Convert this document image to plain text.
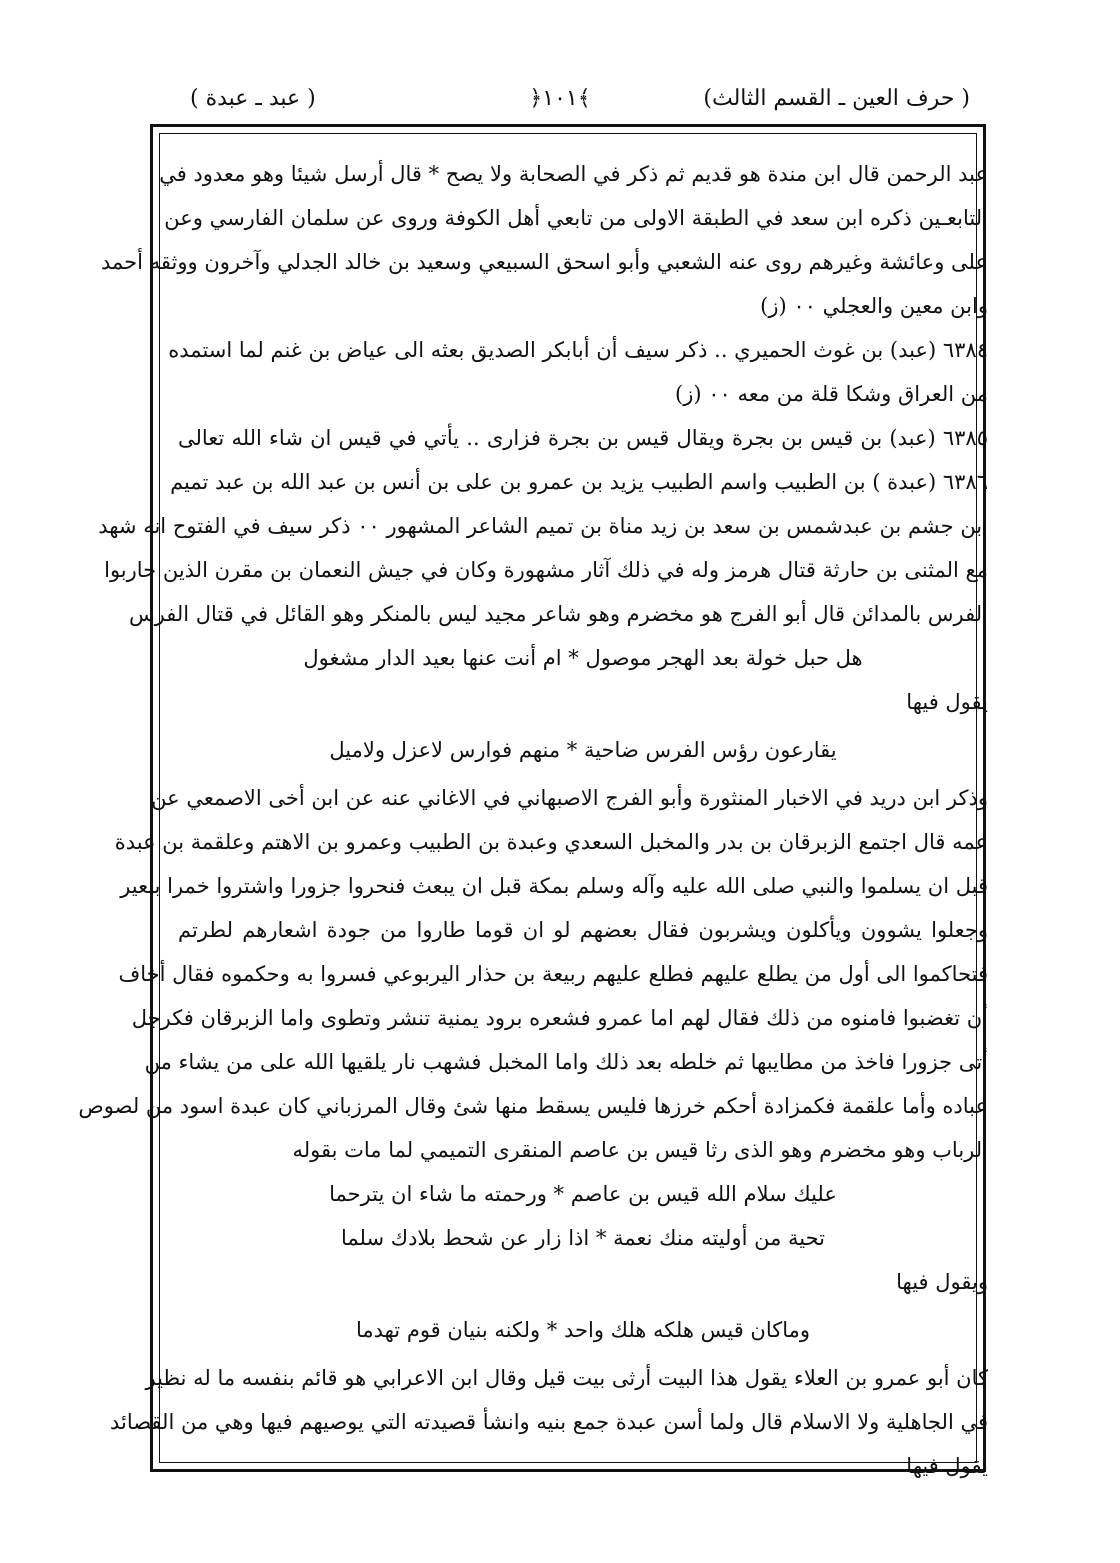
(حرف العين ـ القسم الثالث )
﴿١٠١﴾
( عبد ـ عبدة )
عبد الرحمن قال ابن مندة هو قديم ثم ذكر في الصحابة ولا يصح * قال أرسل شيئا وهو معدود في
التابعـين ذكره ابن سعد في الطبقة الاولى من تابعي أهل الكوفة وروى عن سلمان الفارسي وعن
على وعائشة وغيرهم روى عنه الشعبي وأبو اسحق السبيعي وسعيد بن خالد الجدلي وآخرون ووثقه أحمد
وابن معين والعجلي ٠٠ (ز)
٦٣٨٤ (عبد) بن غوث الحميري .. ذكر سيف أن أبابكر الصديق بعثه الى عياض بن غنم لما استمده
من العراق وشكا قلة من معه ٠٠ (ز)
٦٣٨٥ (عبد) بن قيس بن بجرة ويقال قيس بن بجرة فزارى .. يأتي في قيس ان شاء الله تعالى
٦٣٨٦ (عبدة ) بن الطبيب واسم الطبيب يزيد بن عمرو بن على بن أنس بن عبد الله بن عبد تميم
ابن جشم بن عبدشمس بن سعد بن زيد مناة بن تميم الشاعر المشهور ٠٠ ذكر سيف في الفتوح انه شهد
مع المثنى بن حارثة قتال هرمز وله في ذلك آثار مشهورة وكان في جيش النعمان بن مقرن الذين حاربوا
الفرس بالمدائن قال أبو الفرج هو مخضرم وهو شاعر مجيد ليس بالمنكر وهو القائل في قتال الفرس
هل حبل خولة بعد الهجر موصول * ام أنت عنها بعيد الدار مشغول
يقول فيها
يقارعون رؤس الفرس ضاحية * منهم فوارس لاعزل ولاميل
وذكر ابن دريد في الاخبار المنثورة وأبو الفرج الاصبهاني في الاغاني عنه عن ابن أخى الاصمعي عن
عمه قال اجتمع الزبرقان بن بدر والمخبل السعدي وعبدة بن الطبيب وعمرو بن الاهتم وعلقمة بن عبدة
قبل ان يسلموا والنبي صلى الله عليه وآله وسلم بمكة قبل ان يبعث فنحروا جزورا واشتروا خمرا ببعير
وجعلوا يشوون ويأكلون ويشربون فقال بعضهم لو ان قوما طاروا من جودة اشعارهم لطرتم
فتحاكموا الى أول من يطلع عليهم فطلع عليهم ربيعة بن حذار اليربوعي فسروا به وحكموه فقال أخاف
أن تغضبوا فامنوه من ذلك فقال لهم اما عمرو فشعره برود يمنية تنشر وتطوى واما الزبرقان فكرجل
أتى جزورا فاخذ من مطايبها ثم خلطه بعد ذلك واما المخبل فشهب نار يلقيها الله على من يشاء من
عباده وأما علقمة فكمزادة أحكم خرزها فليس يسقط منها شئ وقال المرزباني كان عبدة اسود من لصوص
الرباب وهو مخضرم وهو الذى رثا قيس بن عاصم المنقرى التميمي لما مات بقوله
عليك سلام الله قيس بن عاصم * ورحمته ما شاء ان يترحما
تحية من أوليته منك نعمة * اذا زار عن شحط بلادك سلما
ويقول فيها
وماكان قيس هلكه هلك واحد * ولكنه بنيان قوم تهدما
كان أبو عمرو بن العلاء يقول هذا البيت أرثى بيت قيل وقال ابن الاعرابي هو قائم بنفسه ما له نظير
في الجاهلية ولا الاسلام قال ولما أسن عبدة جمع بنيه وانشأ قصيدته التي يوصيهم فيها وهي من القصائد
يقول فيها
